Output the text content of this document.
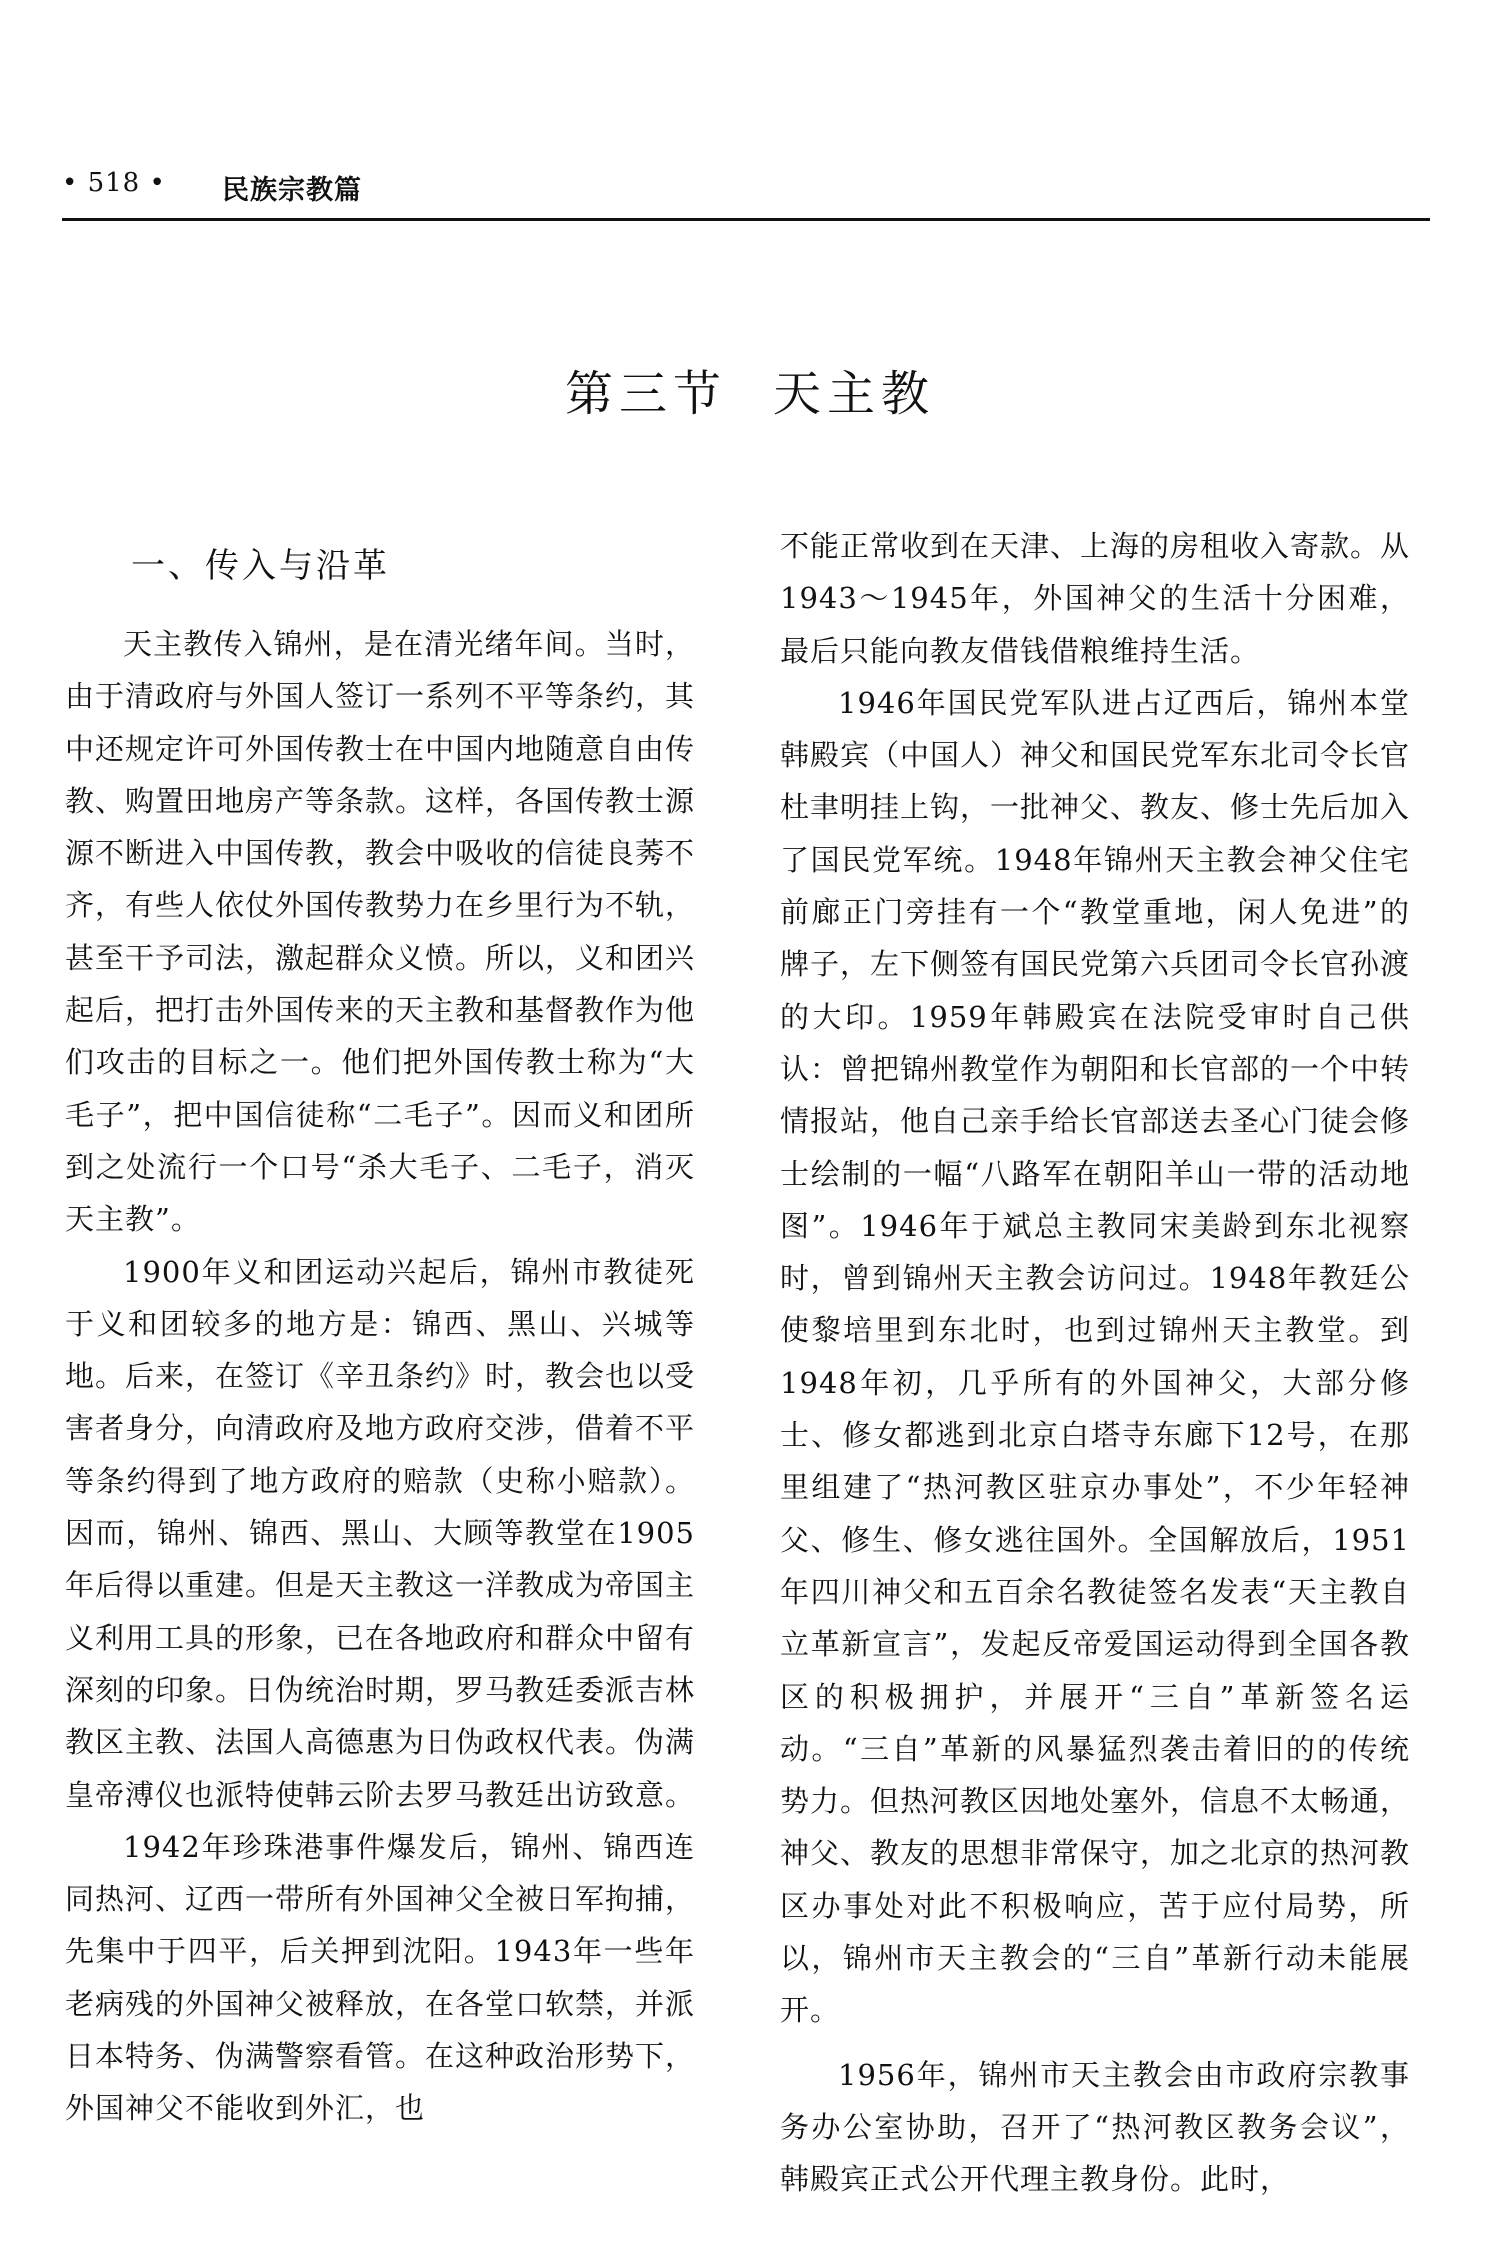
• 518 • 民族宗教篇
第三节 天主教
一、传入与沿革

天主教传入锦州，是在清光绪年间。当时，由于清政府与外国人签订一系列不平等条约，其中还规定许可外国传教士在中国内地随意自由传教、购置田地房产等条款。这样，各国传教士源源不断进入中国传教，教会中吸收的信徒良莠不齐，有些人依仗外国传教势力在乡里行为不轨，甚至干予司法，激起群众义愤。所以，义和团兴起后，把打击外国传来的天主教和基督教作为他们攻击的目标之一。他们把外国传教士称为“大毛子”，把中国信徒称“二毛子”。因而义和团所到之处流行一个口号“杀大毛子、二毛子，消灭天主教”。

1900年义和团运动兴起后，锦州市教徒死于义和团较多的地方是：锦西、黑山、兴城等地。后来，在签订《辛丑条约》时，教会也以受害者身分，向清政府及地方政府交涉，借着不平等条约得到了地方政府的赔款（史称小赔款）。因而，锦州、锦西、黑山、大顾等教堂在1905年后得以重建。但是天主教这一洋教成为帝国主义利用工具的形象，已在各地政府和群众中留有深刻的印象。日伪统治时期，罗马教廷委派吉林教区主教、法国人高德惠为日伪政权代表。伪满皇帝溥仪也派特使韩云阶去罗马教廷出访致意。

1942年珍珠港事件爆发后，锦州、锦西连同热河、辽西一带所有外国神父全被日军拘捕，先集中于四平，后关押到沈阳。1943年一些年老病残的外国神父被释放，在各堂口软禁，并派日本特务、伪满警察看管。在这种政治形势下，外国神父不能收到外汇，也

不能正常收到在天津、上海的房租收入寄款。从1943～1945年，外国神父的生活十分困难，最后只能向教友借钱借粮维持生活。

1946年国民党军队进占辽西后，锦州本堂韩殿宾（中国人）神父和国民党军东北司令长官杜聿明挂上钩，一批神父、教友、修士先后加入了国民党军统。1948年锦州天主教会神父住宅前廊正门旁挂有一个“教堂重地，闲人免进”的牌子，左下侧签有国民党第六兵团司令长官孙渡的大印。1959年韩殿宾在法院受审时自己供认：曾把锦州教堂作为朝阳和长官部的一个中转情报站，他自己亲手给长官部送去圣心门徒会修士绘制的一幅“八路军在朝阳羊山一带的活动地图”。1946年于斌总主教同宋美龄到东北视察时，曾到锦州天主教会访问过。1948年教廷公使黎培里到东北时，也到过锦州天主教堂。到1948年初，几乎所有的外国神父，大部分修士、修女都逃到北京白塔寺东廊下12号，在那里组建了“热河教区驻京办事处”，不少年轻神父、修生、修女逃往国外。全国解放后，1951年四川神父和五百余名教徒签名发表“天主教自立革新宣言”，发起反帝爱国运动得到全国各教区的积极拥护，并展开“三自”革新签名运动。“三自”革新的风暴猛烈袭击着旧的的传统势力。但热河教区因地处塞外，信息不太畅通，神父、教友的思想非常保守，加之北京的热河教区办事处对此不积极响应，苦于应付局势，所以，锦州市天主教会的“三自”革新行动未能展开。

1956年，锦州市天主教会由市政府宗教事务办公室协助，召开了“热河教区教务会议”，韩殿宾正式公开代理主教身份。此时，
